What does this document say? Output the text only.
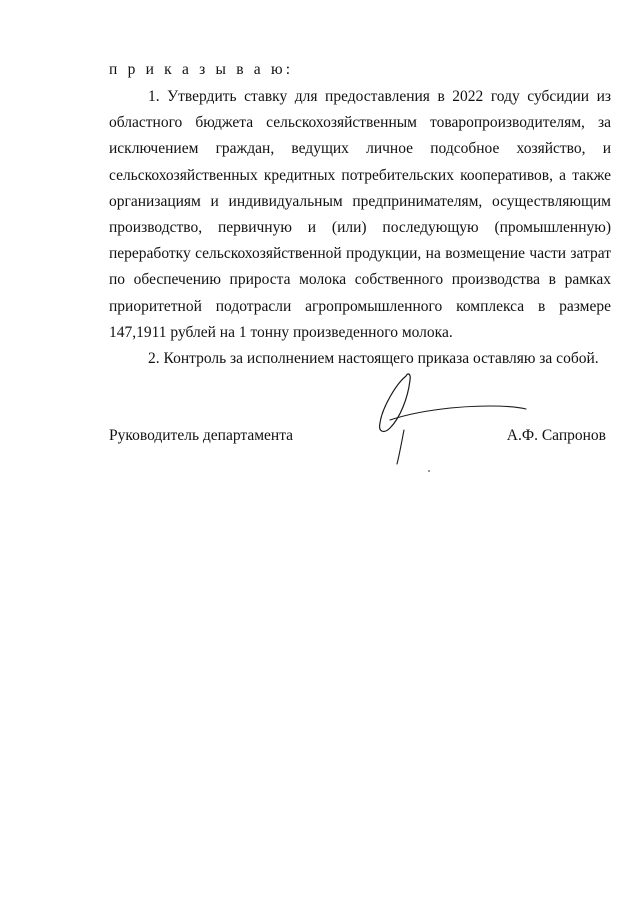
п р и к а з ы в а ю:

1. Утвердить ставку для предоставления в 2022 году субсидии из областного бюджета сельскохозяйственным товаропроизводителям, за исключением граждан, ведущих личное подсобное хозяйство, и сельскохозяйственных кредитных потребительских кооперативов, а также организациям и индивидуальным предпринимателям, осуществляющим производство, первичную и (или) последующую (промышленную) переработку сельскохозяйственной продукции, на возмещение части затрат по обеспечению прироста молока собственного производства в рамках приоритетной подотрасли агропромышленного комплекса в размере 147,1911 рублей на 1 тонну произведенного молока.

2. Контроль за исполнением настоящего приказа оставляю за собой.

Руководитель департамента	А.Ф. Сапронов
